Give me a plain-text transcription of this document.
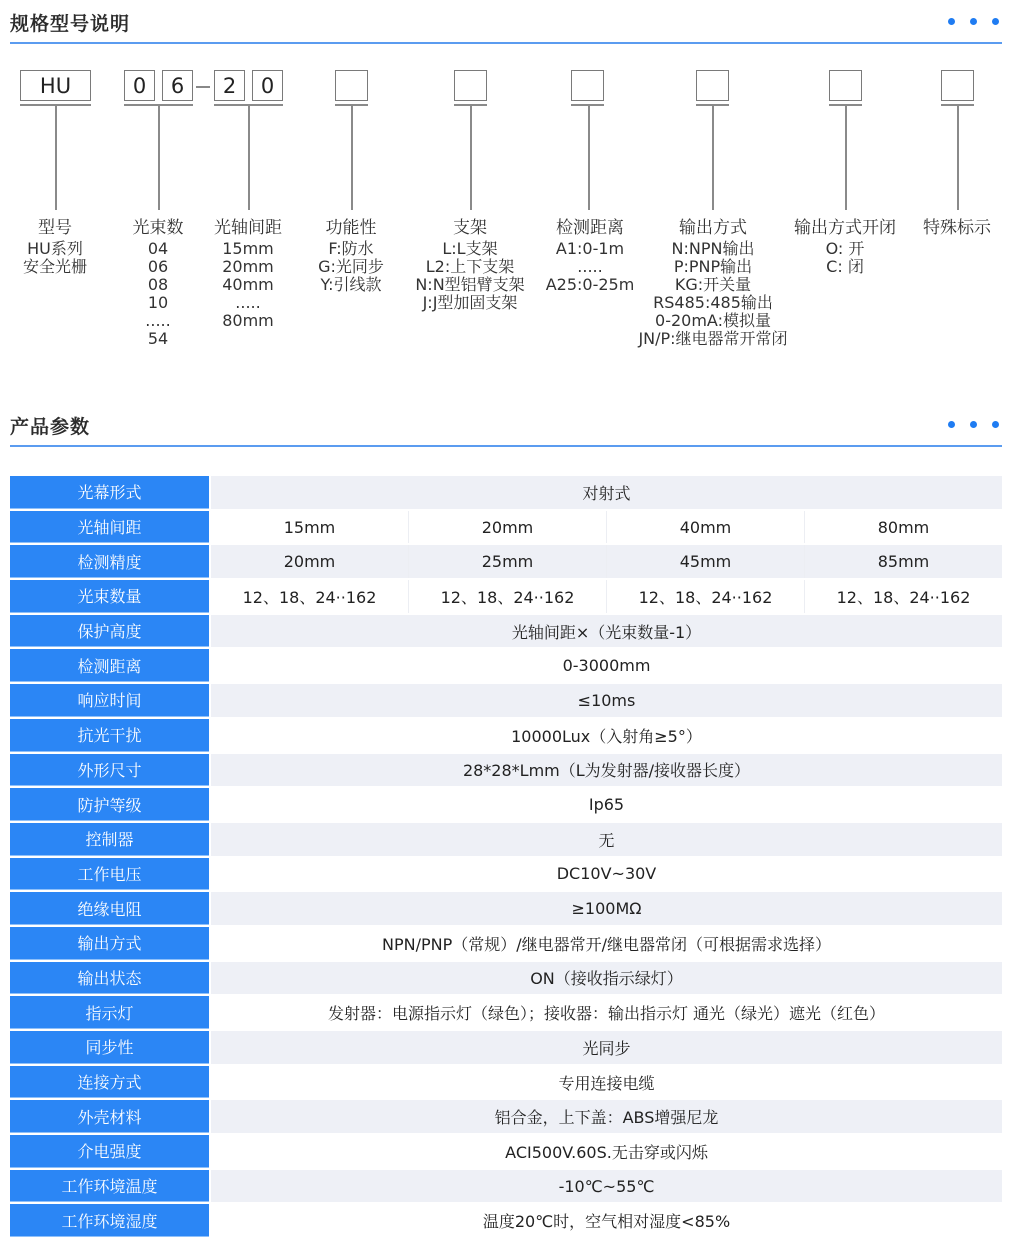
规格型号说明
HU	0	6	2	0
型号
HU系列
安全光栅
光束数
04
06
08
10
.....
54
光轴间距
15mm
20mm
40mm
.....
80mm
功能性
F:防水
G:光同步
Y:引线款
支架
L:L支架
L2:上下支架
N:N型铝臂支架
J:J型加固支架
检测距离
A1:0-1m
.....
A25:0-25m
输出方式
N:NPN输出
P:PNP输出
KG:开关量
RS485:485输出
0-20mA:模拟量
JN/P:继电器常开常闭
输出方式开闭
O: 开
C: 闭
特殊标示
产品参数
光幕形式	对射式
光轴间距	15mm	20mm	40mm	80mm
检测精度	20mm	25mm	45mm	85mm
光束数量	12、18、24··162	12、18、24··162	12、18、24··162	12、18、24··162
保护高度	光轴间距×（光束数量-1）
检测距离	0-3000mm
响应时间	≤10ms
抗光干扰	10000Lux（入射角≥5°）
外形尺寸	28*28*Lmm（L为发射器/接收器长度）
防护等级	Ip65
控制器	无
工作电压	DC10V~30V
绝缘电阻	≥100MΩ
输出方式	NPN/PNP（常规）/继电器常开/继电器常闭（可根据需求选择）
输出状态	ON（接收指示绿灯）
指示灯	发射器：电源指示灯（绿色）；接收器：输出指示灯 通光（绿光）遮光（红色）
同步性	光同步
连接方式	专用连接电缆
外壳材料	铝合金，上下盖：ABS增强尼龙
介电强度	ACI500V.60S.无击穿或闪烁
工作环境温度	-10℃~55℃
工作环境湿度	温度20℃时，空气相对湿度<85%
